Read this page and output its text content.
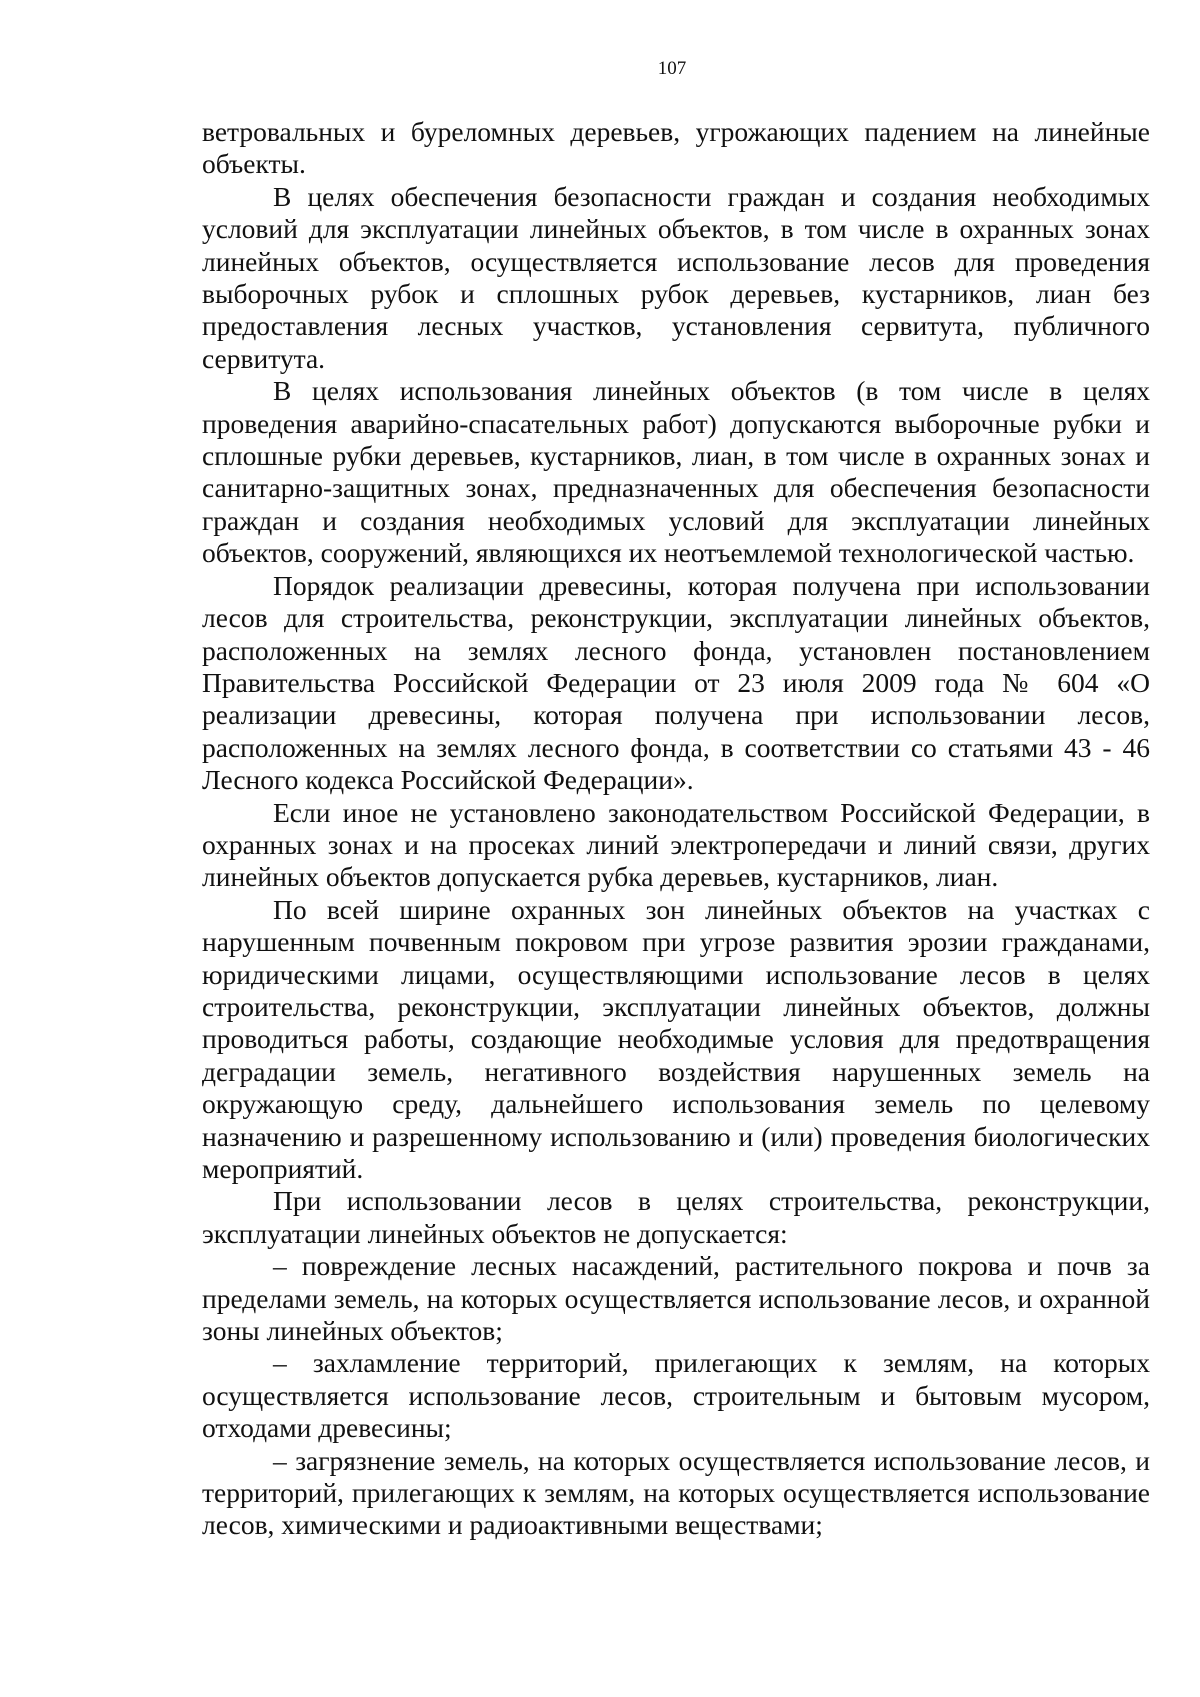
107

ветровальных и буреломных деревьев, угрожающих падением на линейные объекты.

В целях обеспечения безопасности граждан и создания необходимых условий для эксплуатации линейных объектов, в том числе в охранных зонах линейных объектов, осуществляется использование лесов для проведения выборочных рубок и сплошных рубок деревьев, кустарников, лиан без предоставления лесных участков, установления сервитута, публичного сервитута.

В целях использования линейных объектов (в том числе в целях проведения аварийно-спасательных работ) допускаются выборочные рубки и сплошные рубки деревьев, кустарников, лиан, в том числе в охранных зонах и санитарно-защитных зонах, предназначенных для обеспечения безопасности граждан и создания необходимых условий для эксплуатации линейных объектов, сооружений, являющихся их неотъемлемой технологической частью.

Порядок реализации древесины, которая получена при использовании лесов для строительства, реконструкции, эксплуатации линейных объектов, расположенных на землях лесного фонда, установлен постановлением Правительства Российской Федерации от 23 июля 2009 года № 604 «О реализации древесины, которая получена при использовании лесов, расположенных на землях лесного фонда, в соответствии со статьями 43 - 46 Лесного кодекса Российской Федерации».

Если иное не установлено законодательством Российской Федерации, в охранных зонах и на просеках линий электропередачи и линий связи, других линейных объектов допускается рубка деревьев, кустарников, лиан.

По всей ширине охранных зон линейных объектов на участках с нарушенным почвенным покровом при угрозе развития эрозии гражданами, юридическими лицами, осуществляющими использование лесов в целях строительства, реконструкции, эксплуатации линейных объектов, должны проводиться работы, создающие необходимые условия для предотвращения деградации земель, негативного воздействия нарушенных земель на окружающую среду, дальнейшего использования земель по целевому назначению и разрешенному использованию и (или) проведения биологических мероприятий.

При использовании лесов в целях строительства, реконструкции, эксплуатации линейных объектов не допускается:

– повреждение лесных насаждений, растительного покрова и почв за пределами земель, на которых осуществляется использование лесов, и охранной зоны линейных объектов;

– захламление территорий, прилегающих к землям, на которых осуществляется использование лесов, строительным и бытовым мусором, отходами древесины;

– загрязнение земель, на которых осуществляется использование лесов, и территорий, прилегающих к землям, на которых осуществляется использование лесов, химическими и радиоактивными веществами;
